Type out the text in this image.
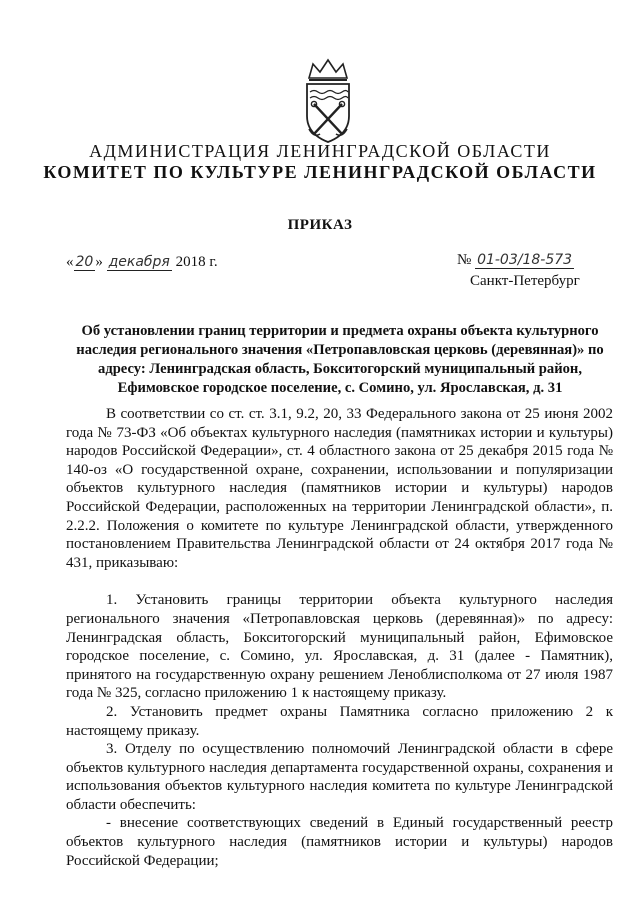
АДМИНИСТРАЦИЯ ЛЕНИНГРАДСКОЙ ОБЛАСТИ
КОМИТЕТ ПО КУЛЬТУРЕ ЛЕНИНГРАДСКОЙ ОБЛАСТИ
ПРИКАЗ
« 20 » декабря 2018 г.	№ 01-03/18-573
Санкт-Петербург
Об установлении границ территории и предмета охраны объекта культурного наследия регионального значения «Петропавловская церковь (деревянная)» по адресу: Ленинградская область, Бокситогорский муниципальный район, Ефимовское городское поселение, с. Сомино, ул. Ярославская, д. 31

В соответствии со ст. ст. 3.1, 9.2, 20, 33 Федерального закона от 25 июня 2002 года № 73-ФЗ «Об объектах культурного наследия (памятниках истории и культуры) народов Российской Федерации», ст. 4 областного закона от 25 декабря 2015 года № 140-оз «О государственной охране, сохранении, использовании и популяризации объектов культурного наследия (памятников истории и культуры) народов Российской Федерации, расположенных на территории Ленинградской области», п. 2.2.2. Положения о комитете по культуре Ленинградской области, утвержденного постановлением Правительства Ленинградской области от 24 октября 2017 года № 431, приказываю:

1. Установить границы территории объекта культурного наследия регионального значения «Петропавловская церковь (деревянная)» по адресу: Ленинградская область, Бокситогорский муниципальный район, Ефимовское городское поселение, с. Сомино, ул. Ярославская, д. 31 (далее - Памятник), принятого на государственную охрану решением Леноблисполкома от 27 июля 1987 года № 325, согласно приложению 1 к настоящему приказу.

2. Установить предмет охраны Памятника согласно приложению 2 к настоящему приказу.

3. Отделу по осуществлению полномочий Ленинградской области в сфере объектов культурного наследия департамента государственной охраны, сохранения и использования объектов культурного наследия комитета по культуре Ленинградской области обеспечить:

- внесение соответствующих сведений в Единый государственный реестр объектов культурного наследия (памятников истории и культуры) народов Российской Федерации;
